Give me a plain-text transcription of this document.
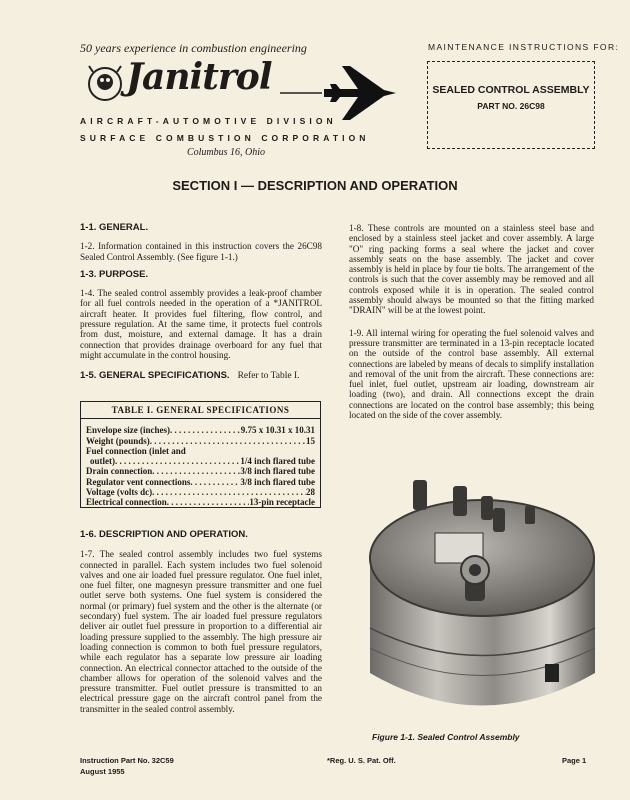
50 years experience in combustion engineering
Janitrol
AIRCRAFT-AUTOMOTIVE DIVISION
SURFACE COMBUSTION CORPORATION
Columbus 16, Ohio
MAINTENANCE INSTRUCTIONS FOR:
SEALED CONTROL ASSEMBLY
PART NO. 26C98
SECTION I — DESCRIPTION AND OPERATION

1-1. GENERAL.

1-2. Information contained in this instruction covers the 26C98 Sealed Control Assembly. (See figure 1-1.)

1-3. PURPOSE.

1-4. The sealed control assembly provides a leak-proof chamber for all fuel controls needed in the operation of a *JANITROL aircraft heater. It provides fuel filtering, flow control, and pressure regulation. At the same time, it protects fuel controls from dust, moisture, and external damage. It has a drain connection that provides drainage overboard for any fuel that might accumulate in the control housing.

1-5. GENERAL SPECIFICATIONS. Refer to Table I.

TABLE I. GENERAL SPECIFICATIONS
Envelope size (inches) . . .	9.75 x 10.31 x 10.31
Weight (pounds) . . .	15
Fuel connection (inlet and
outlet) . . .	1/4 inch flared tube
Drain connection . . .	3/8 inch flared tube
Regulator vent connections . . .	3/8 inch flared tube
Voltage (volts dc) . . .	28
Electrical connection . . .	13-pin receptacle

1-6. DESCRIPTION AND OPERATION.

1-7. The sealed control assembly includes two fuel systems connected in parallel. Each system includes two fuel solenoid valves and one air loaded fuel pressure regulator. One fuel inlet, one fuel filter, one magnesyn pressure transmitter and one fuel outlet serve both systems. One fuel system is considered the normal (or primary) fuel system and the other is the alternate (or secondary) fuel system. The air loaded fuel pressure regulators deliver air outlet fuel pressure in proportion to a differential air loading pressure supplied to the assembly. The high pressure air loading connection is common to both fuel pressure regulators, while each regulator has a separate low pressure air loading connection. An electrical connector attached to the outside of the chamber allows for operation of the solenoid valves and the pressure transmitter. Fuel outlet pressure is transmitted to an electrical pressure gage on the aircraft control panel from the transmitter in the sealed control assembly.

1-8. These controls are mounted on a stainless steel base and enclosed by a stainless steel jacket and cover assembly. A large "O" ring packing forms a seal where the jacket and cover assembly seats on the base assembly. The jacket and cover assembly is held in place by four tie bolts. The arrangement of the controls is such that the cover assembly may be removed and all controls exposed while it is in operation. The sealed control assembly should always be mounted so that the fitting marked "DRAIN" will be at the lowest point.

1-9. All internal wiring for operating the fuel solenoid valves and pressure transmitter are terminated in a 13-pin receptacle located on the outside of the control base assembly. All external connections are labeled by means of decals to simplify installation and removal of the unit from the aircraft. These connections are: fuel inlet, fuel outlet, upstream air loading, downstream air loading (two), and drain. All connections except the drain connections are located on the control base assembly; this being located on the side of the cover assembly.

Figure 1-1. Sealed Control Assembly
Instruction Part No. 32C59
August 1955
*Reg. U. S. Pat. Off.	Page 1
